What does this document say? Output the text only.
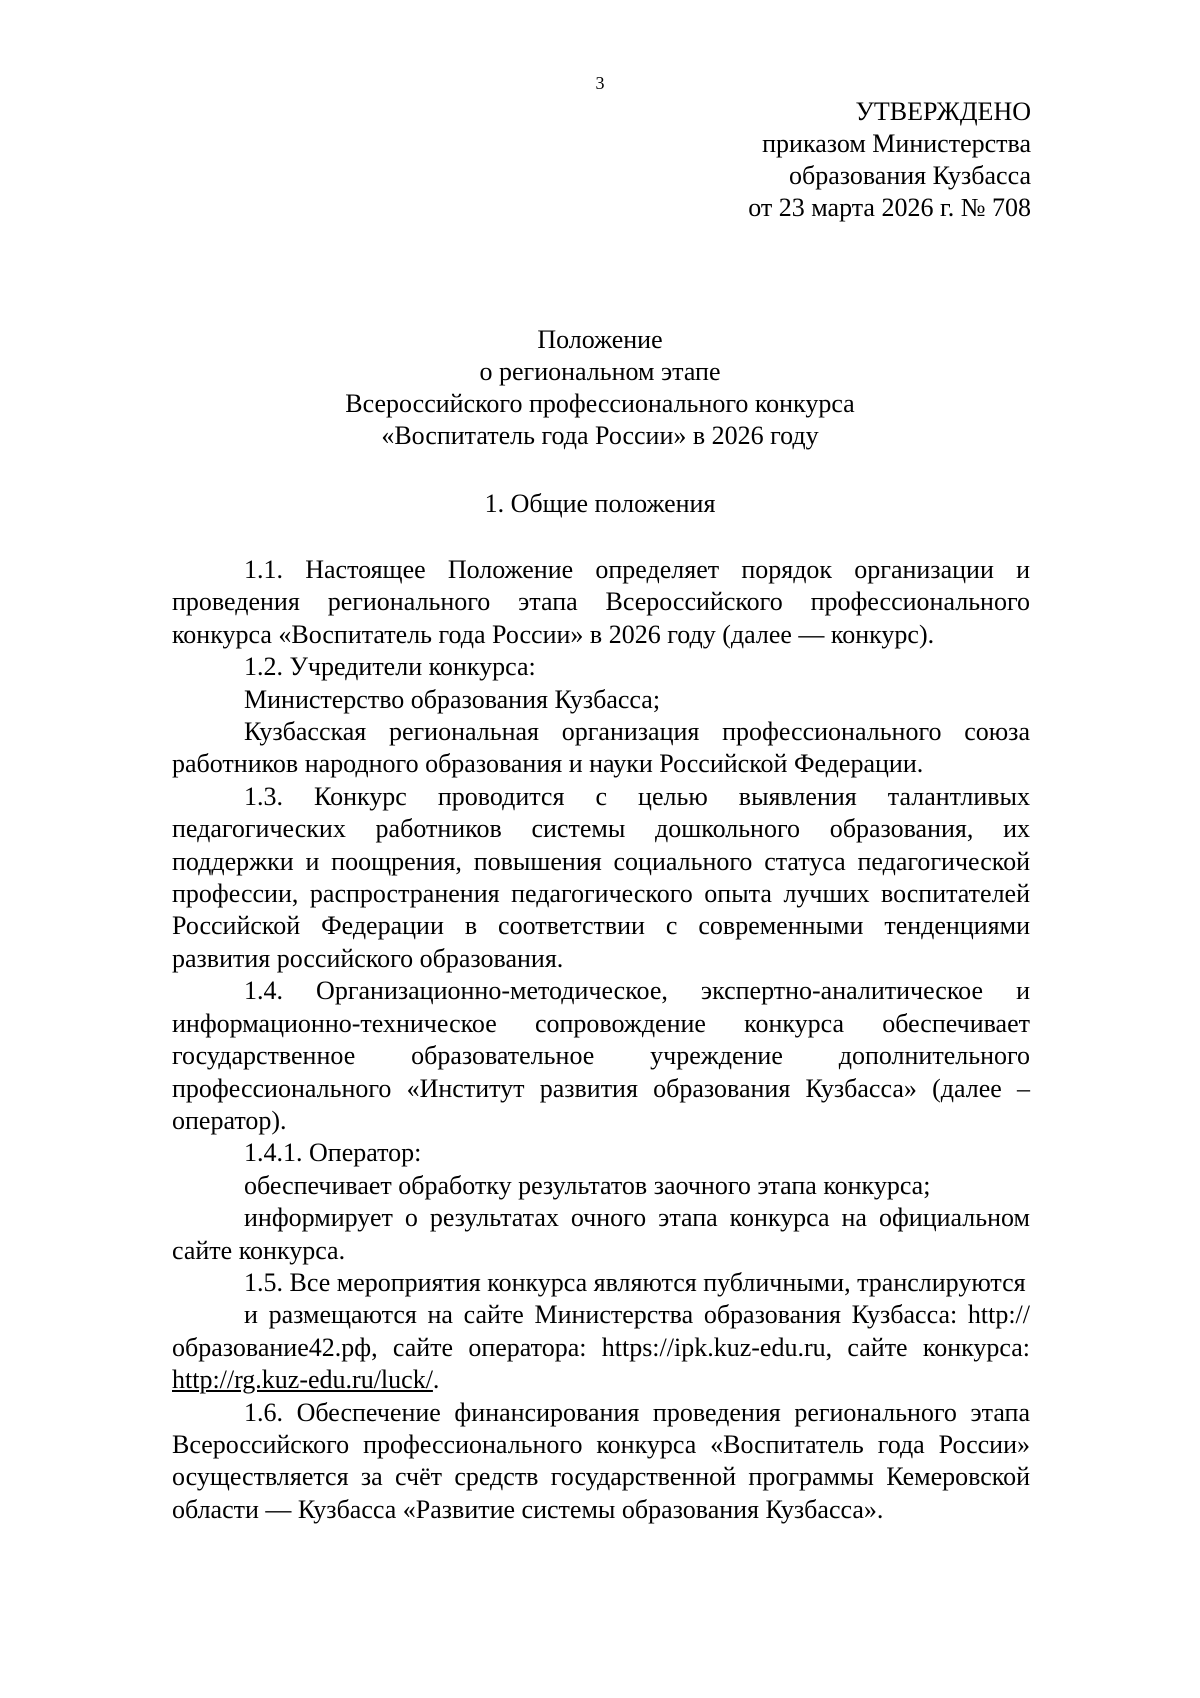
3
УТВЕРЖДЕНО
приказом Министерства
образования Кузбасса
от 23 марта 2026 г. № 708
Положение
о региональном этапе
Всероссийского профессионального конкурса
«Воспитатель года России» в 2026 году
1. Общие положения

1.1. Настоящее Положение определяет порядок организации и проведения регионального этапа Всероссийского профессионального конкурса «Воспитатель года России» в 2026 году (далее — конкурс).

1.2. Учредители конкурса:

Министерство образования Кузбасса;

Кузбасская региональная организация профессионального союза работников народного образования и науки Российской Федерации.

1.3. Конкурс проводится с целью выявления талантливых педагогических работников системы дошкольного образования, их поддержки и поощрения, повышения социального статуса педагогической профессии, распространения педагогического опыта лучших воспитателей Российской Федерации в соответствии с современными тенденциями развития российского образования.

1.4. Организационно-методическое, экспертно-аналитическое и информационно-техническое сопровождение конкурса обеспечивает государственное образовательное учреждение дополнительного профессионального «Институт развития образования Кузбасса» (далее – оператор).

1.4.1. Оператор:

обеспечивает обработку результатов заочного этапа конкурса;

информирует о результатах очного этапа конкурса на официальном сайте конкурса.

1.5. Все мероприятия конкурса являются публичными, транслируются

и размещаются на сайте Министерства образования Кузбасса: http://образование42.рф, сайте оператора: https://ipk.kuz-edu.ru, сайте конкурса: http://rg.kuz-edu.ru/luck/.

1.6. Обеспечение финансирования проведения регионального этапа Всероссийского профессионального конкурса «Воспитатель года России» осуществляется за счёт средств государственной программы Кемеровской области — Кузбасса «Развитие системы образования Кузбасса».
